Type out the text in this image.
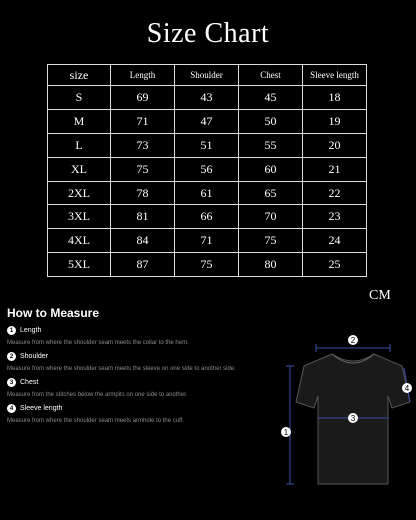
Size Chart
size	Length	Shoulder	Chest	Sleeve length
S	69	43	45	18
M	71	47	50	19
L	73	51	55	20
XL	75	56	60	21
2XL	78	61	65	22
3XL	81	66	70	23
4XL	84	71	75	24
5XL	87	75	80	25
CM
How to Measure
1 Length
Measure from where the shoulder seam meets the collar to the hem.
2 Shoulder
Measure from where the shoulder seam meets the sleeve on one side to another side.
3 Chest
Measure from the stitches below the armpits on one side to another.
4 Sleeve length
Measure from where the shoulder seam meets armhole to the cuff.
1
2
3
4
